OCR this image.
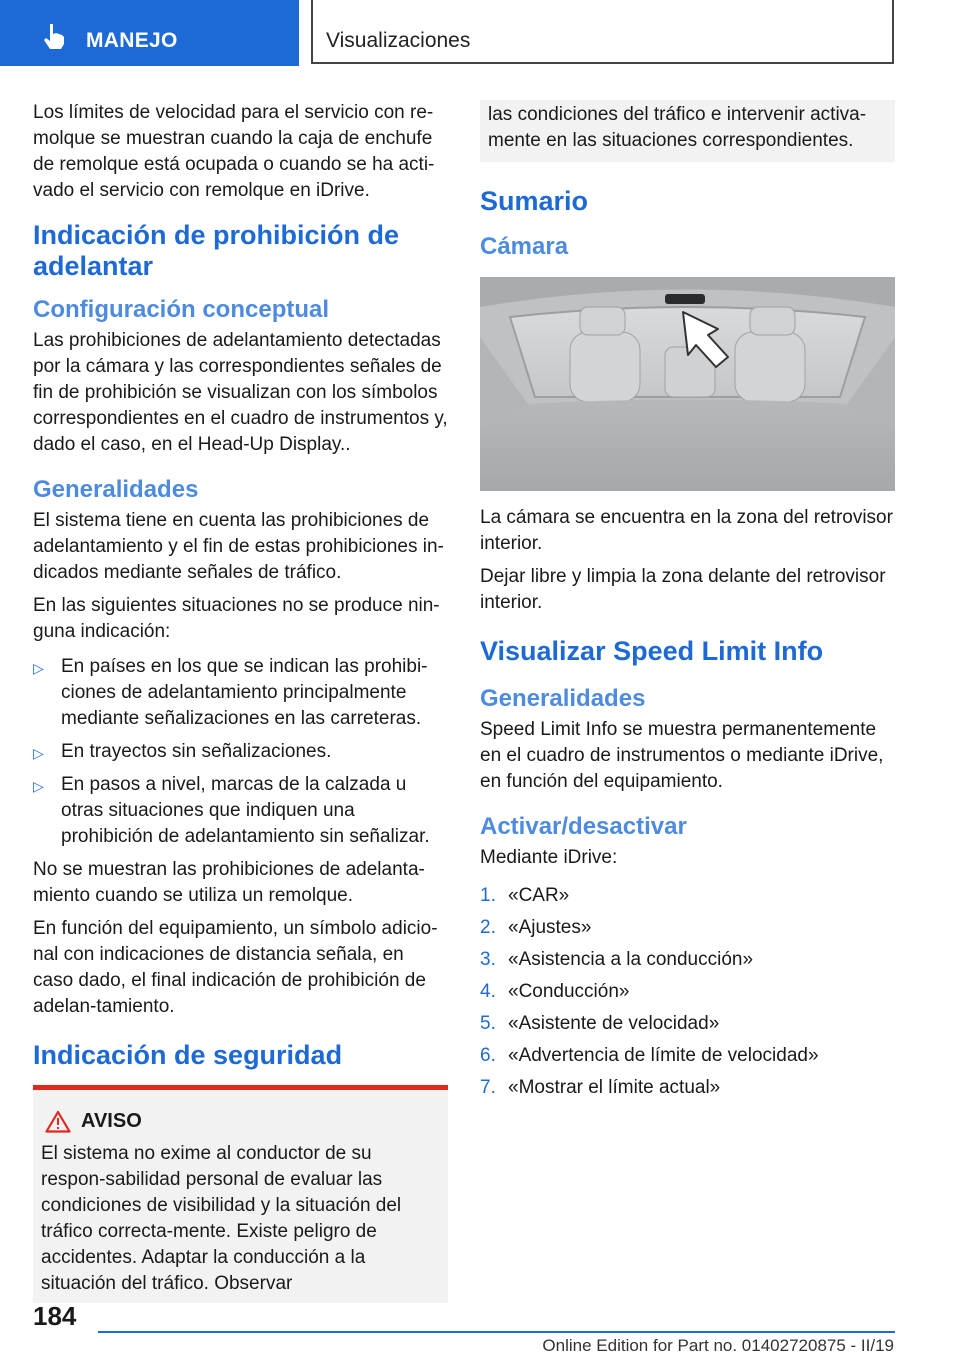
MANEJO	Visualizaciones

Los límites de velocidad para el servicio con re-molque se muestran cuando la caja de enchufe de remolque está ocupada o cuando se ha acti-vado el servicio con remolque en iDrive.

Indicación de prohibición de adelantar
Configuración conceptual

Las prohibiciones de adelantamiento detectadas por la cámara y las correspondientes señales de fin de prohibición se visualizan con los símbolos correspondientes en el cuadro de instrumentos y, dado el caso, en el Head-Up Display..

Generalidades

El sistema tiene en cuenta las prohibiciones de adelantamiento y el fin de estas prohibiciones in-dicados mediante señales de tráfico.

En las siguientes situaciones no se produce nin-guna indicación:

▷ En países en los que se indican las prohibi-ciones de adelantamiento principalmente mediante señalizaciones en las carreteras.
▷ En trayectos sin señalizaciones.
▷ En pasos a nivel, marcas de la calzada u otras situaciones que indiquen una prohibición de adelantamiento sin señalizar.

No se muestran las prohibiciones de adelanta-miento cuando se utiliza un remolque.

En función del equipamiento, un símbolo adicio-nal con indicaciones de distancia señala, en caso dado, el final indicación de prohibición de adelan-tamiento.

Indicación de seguridad
AVISO

El sistema no exime al conductor de su respon-sabilidad personal de evaluar las condiciones de visibilidad y la situación del tráfico correcta-mente. Existe peligro de accidentes. Adaptar la conducción a la situación del tráfico. Observar

las condiciones del tráfico e intervenir activa-mente en las situaciones correspondientes.

Sumario
Cámara

La cámara se encuentra en la zona del retrovisor interior.

Dejar libre y limpia la zona delante del retrovisor interior.

Visualizar Speed Limit Info
Generalidades

Speed Limit Info se muestra permanentemente en el cuadro de instrumentos o mediante iDrive, en función del equipamiento.

Activar/desactivar

Mediante iDrive:

1. «CAR»
2. «Ajustes»
3. «Asistencia a la conducción»
4. «Conducción»
5. «Asistente de velocidad»
6. «Advertencia de límite de velocidad»
7. «Mostrar el límite actual»
184
Online Edition for Part no. 01402720875 - II/19
